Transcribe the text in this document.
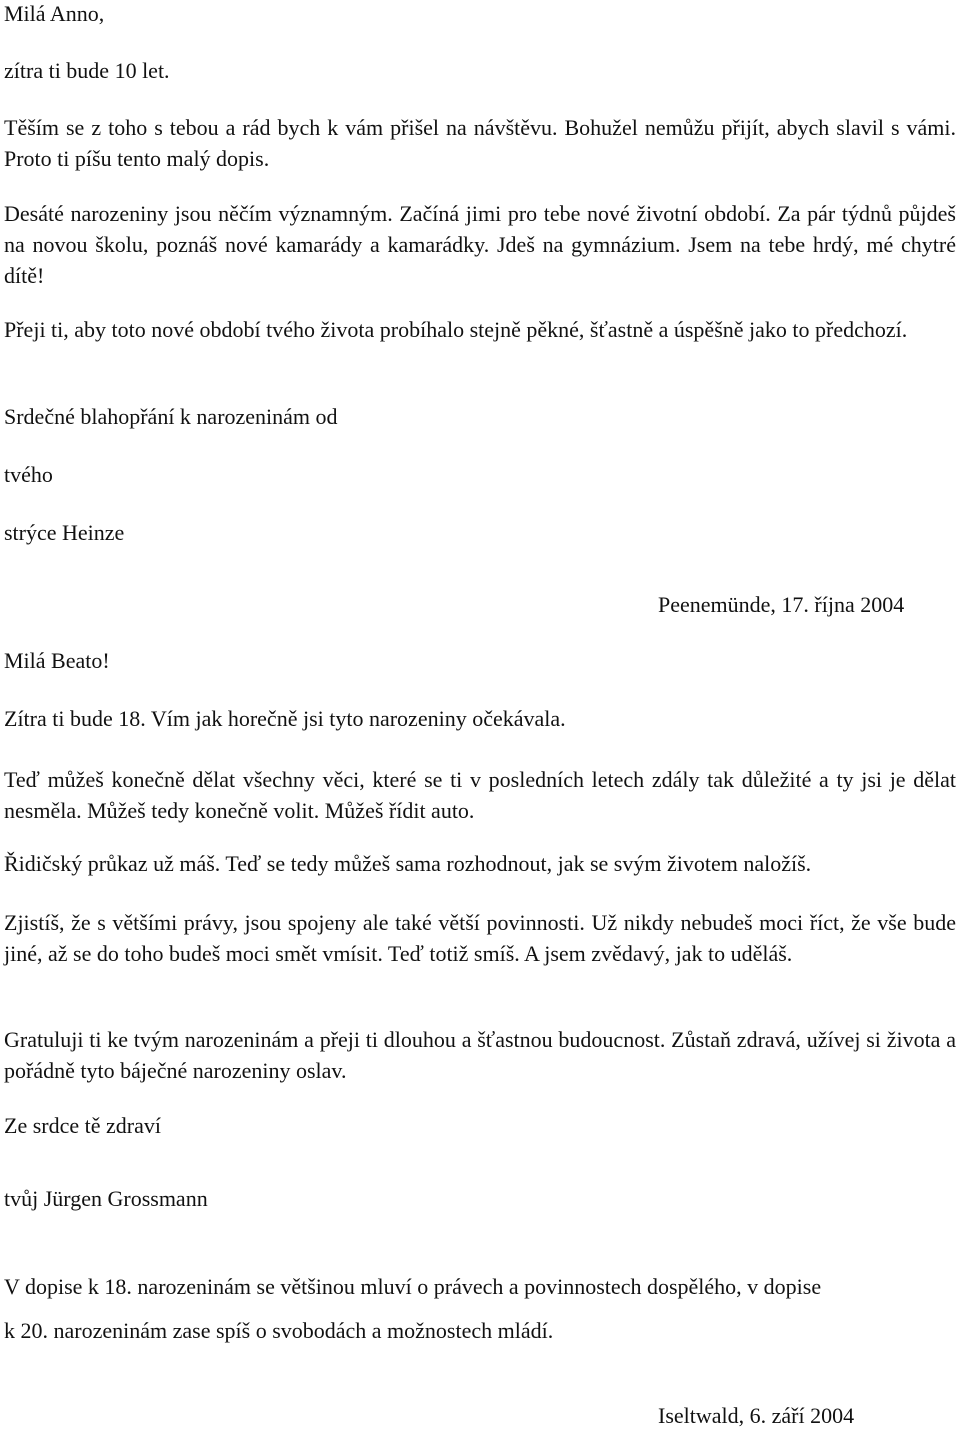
Milá Anno,
zítra ti bude 10 let.

Těším se z toho s tebou a rád bych k vám přišel na návštěvu. Bohužel nemůžu přijít, abych slavil s vámi. Proto ti píšu tento malý dopis.

Desáté narozeniny jsou něčím významným. Začíná jimi pro tebe nové životní období. Za pár týdnů půjdeš na novou školu, poznáš nové kamarády a kamarádky. Jdeš na gymnázium. Jsem na tebe hrdý, mé chytré dítě!

Přeji ti, aby toto nové období tvého života probíhalo stejně pěkné, šťastně a úspěšně jako to předchozí.

Srdečné blahopřání k narozeninám od
tvého
strýce Heinze
Peenemünde, 17. října 2004
Milá Beato!
Zítra ti bude 18. Vím jak horečně jsi tyto narozeniny očekávala.

Teď můžeš konečně dělat všechny věci, které se ti v posledních letech zdály tak důležité a ty jsi je dělat nesměla. Můžeš tedy konečně volit. Můžeš řídit auto.

Řidičský průkaz už máš. Teď se tedy můžeš sama rozhodnout, jak se svým životem naložíš.

Zjistíš, že s většími právy, jsou spojeny ale také větší povinnosti. Už nikdy nebudeš moci říct, že vše bude jiné, až se do toho budeš moci smět vmísit. Teď totiž smíš. A jsem zvědavý, jak to uděláš.

Gratuluji ti ke tvým narozeninám a přeji ti dlouhou a šťastnou budoucnost. Zůstaň zdravá, užívej si života a pořádně tyto báječné narozeniny oslav.

Ze srdce tě zdraví
tvůj Jürgen Grossmann
V dopise k 18. narozeninám se většinou mluví o právech a povinnostech dospělého, v dopise
k 20. narozeninám zase spíš o svobodách a možnostech mládí.
Iseltwald, 6. září 2004
